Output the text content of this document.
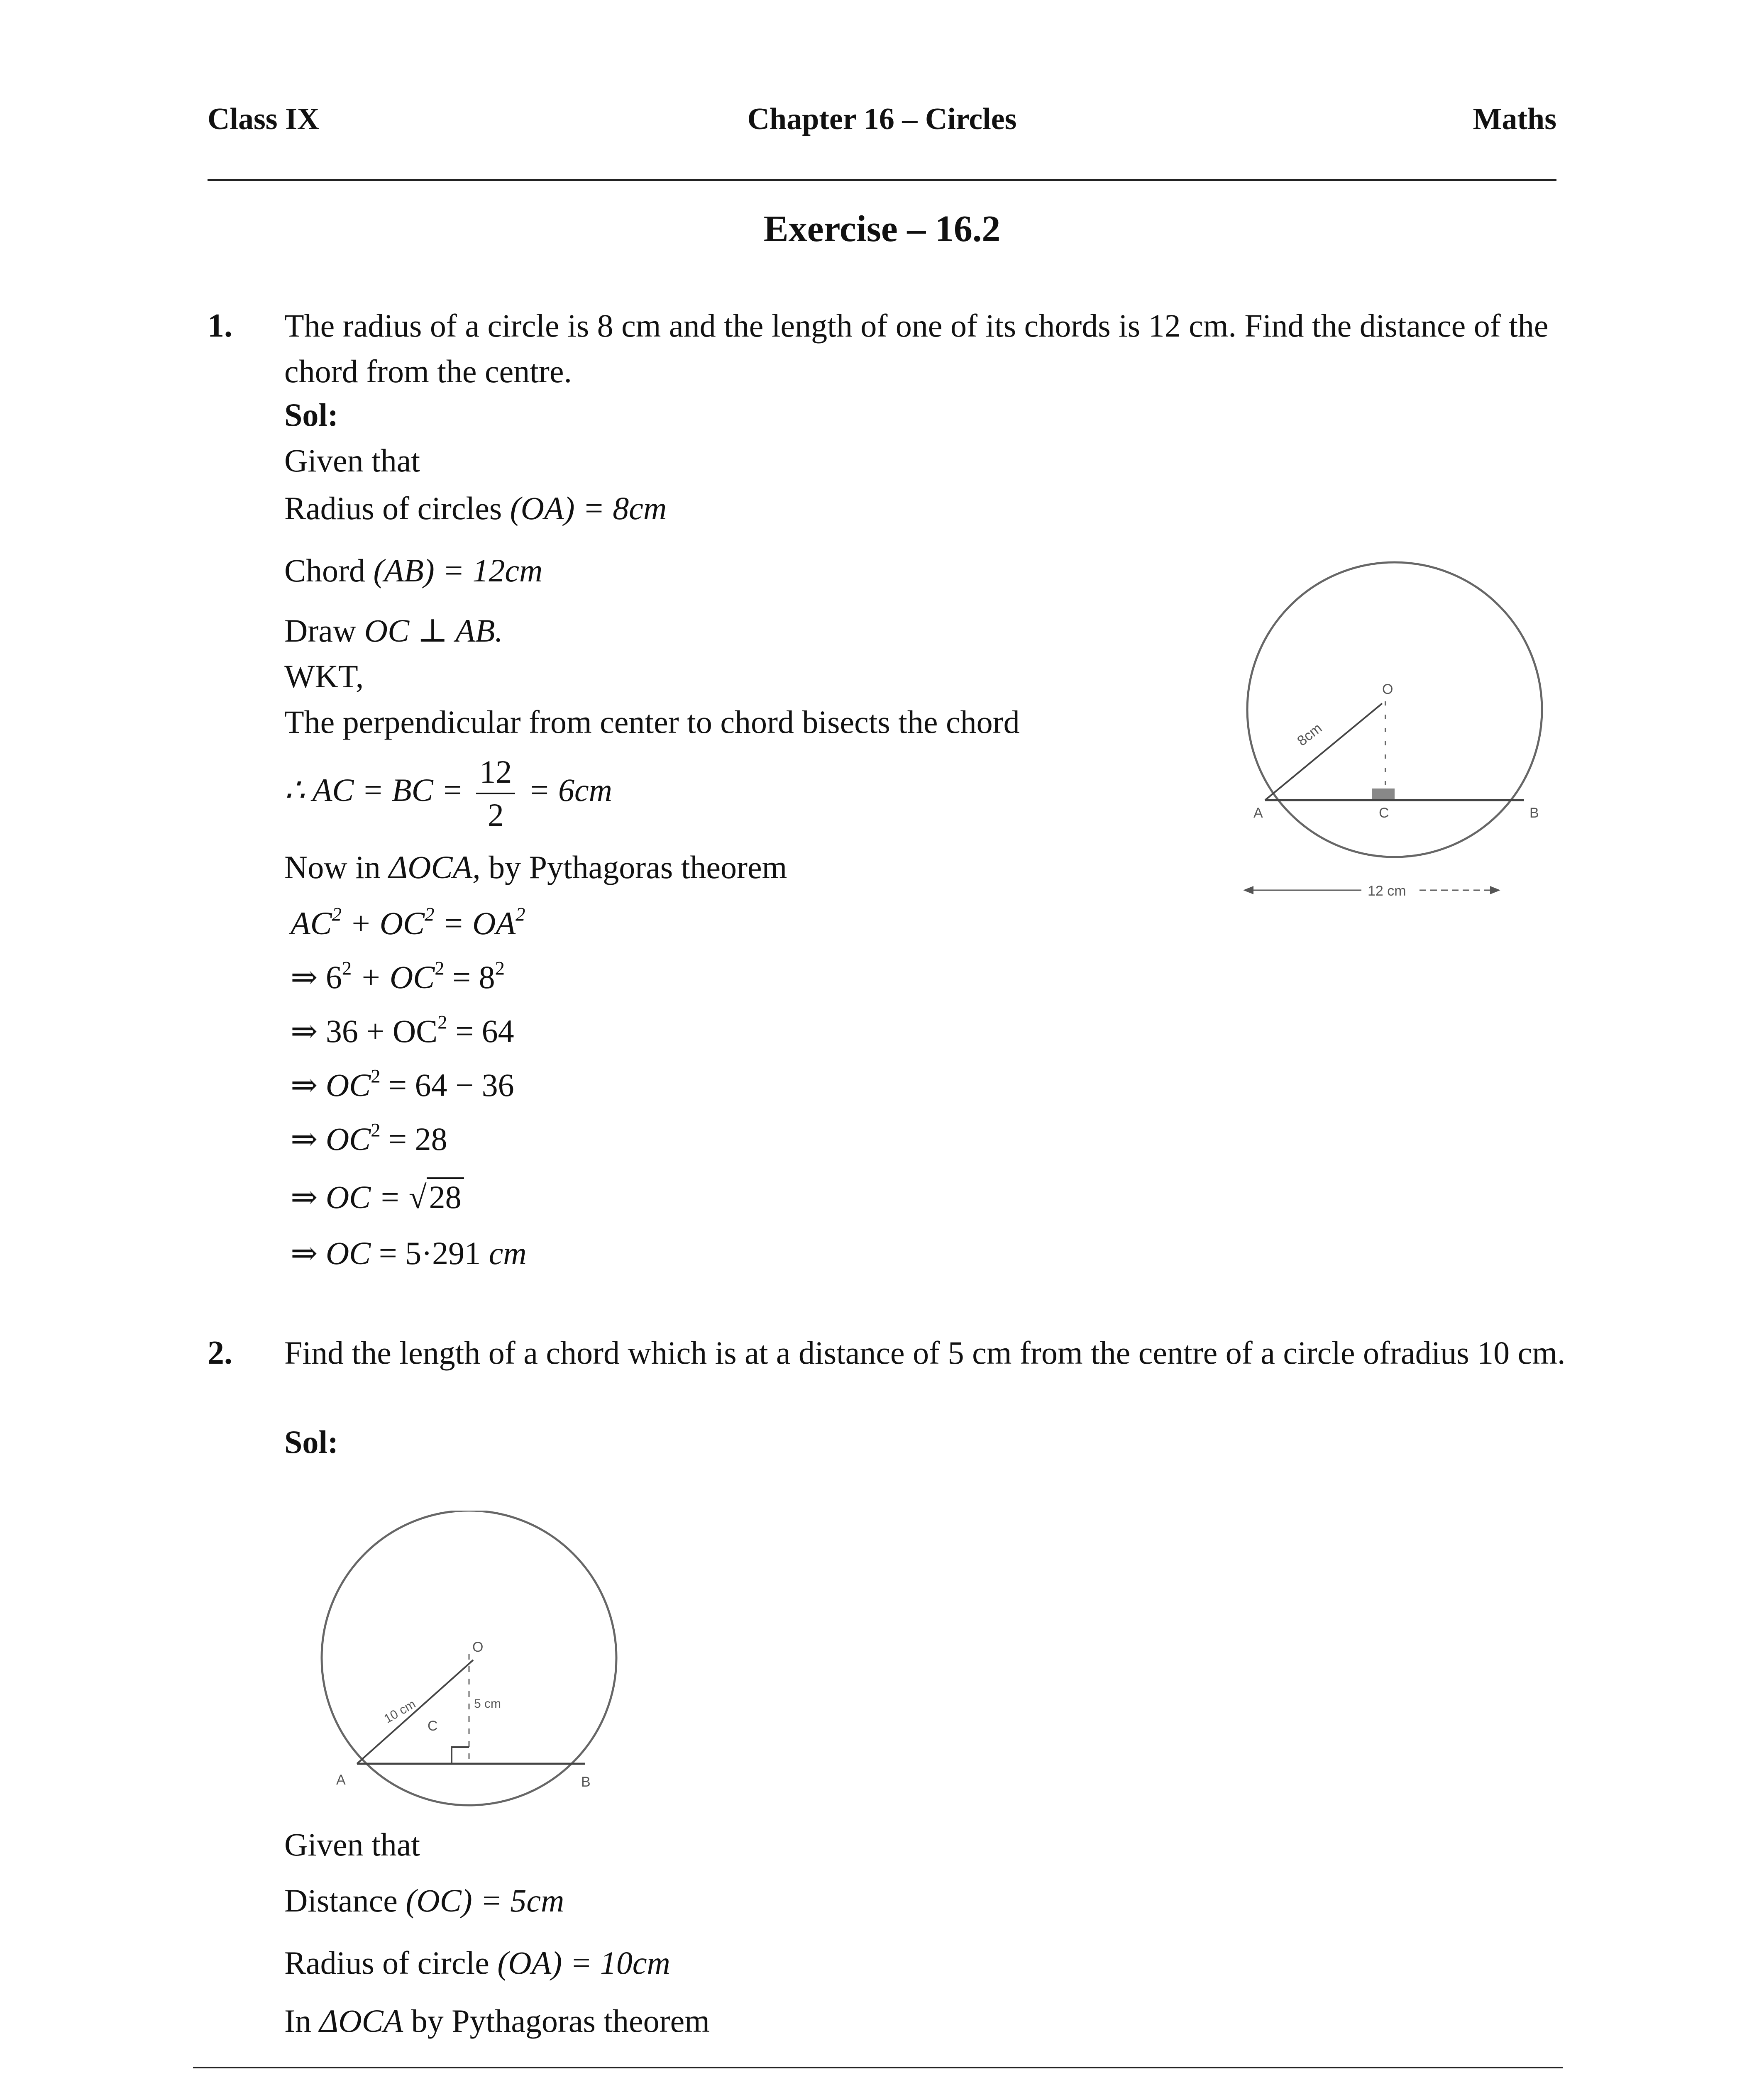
Class IX	Chapter 16 – Circles	Maths
Exercise – 16.2
1. The radius of a circle is 8 cm and the length of one of its chords is 12 cm. Find the distance of the chord from the centre.
Sol:
Given that
Radius of circles (OA) = 8cm
Chord (AB) = 12cm
Draw OC ⊥ AB.
WKT,
The perpendicular from center to chord bisects the chord
∴ AC = BC = $\frac{12}{2} = 6cm$
Now in ΔOCA, by Pythagoras theorem
$AC^2 + OC^2 = OA^2$
⇒ $6^2 + OC^2 = 8^2$
⇒ $36 + OC^2 = 64$
⇒ $OC^2 = 64 - 36$
⇒ $OC^2 = 28$
⇒ OC = √28
⇒ OC = 5·291 cm
O
A	B
C
8cm
12 cm
2. Find the length of a chord which is at a distance of 5 cm from the centre of a circle ofradius 10 cm.
Sol:
O
A	B
C
10 cm	5 cm
Given that
Distance (OC) = 5cm
Radius of circle (OA) = 10cm
In ΔOCA by Pythagoras theorem
